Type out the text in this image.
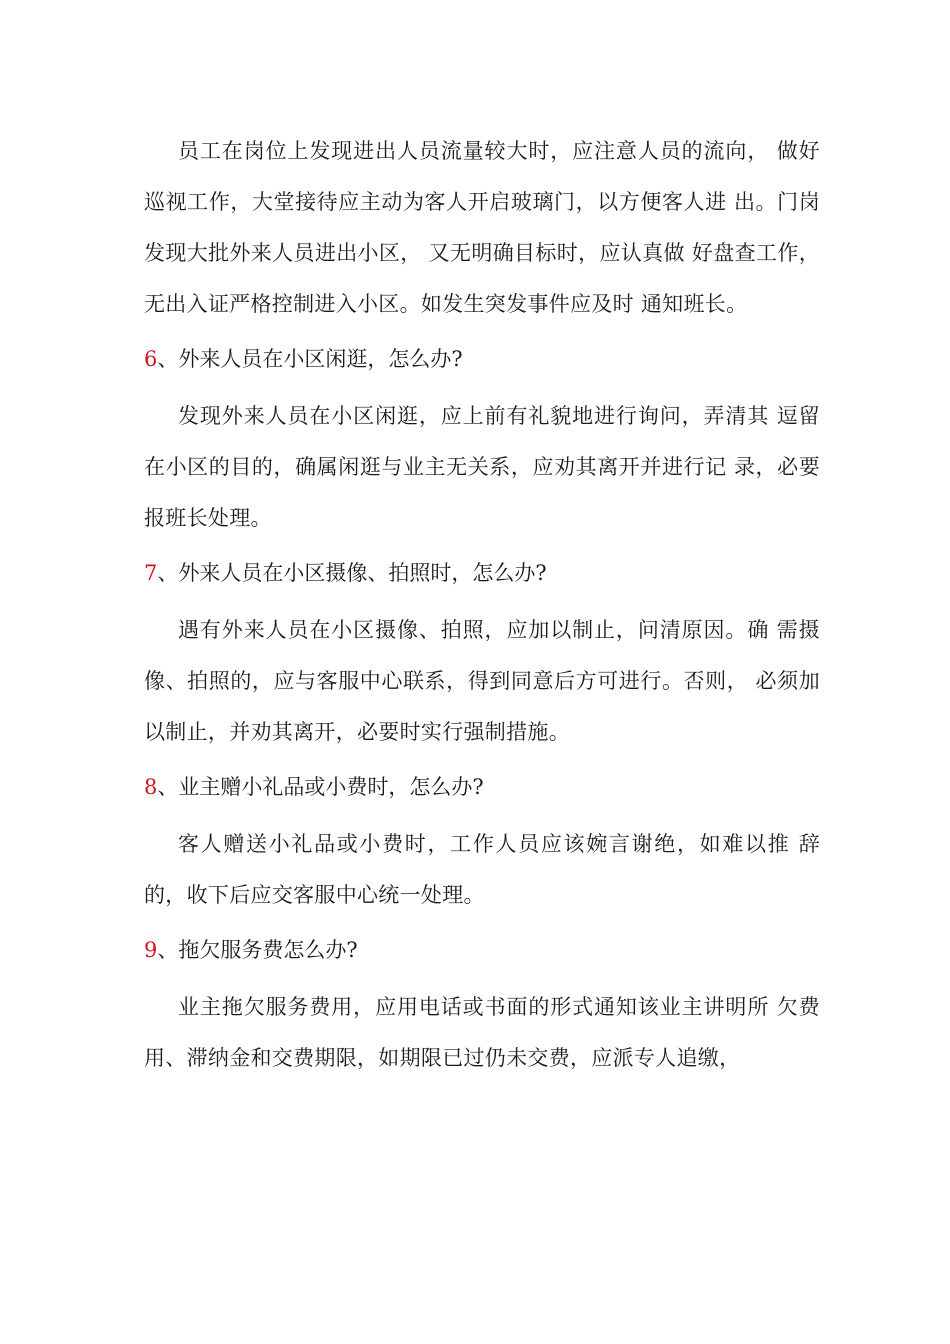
员工在岗位上发现进出人员流量较大时，应注意人员的流向， 做好巡视工作，大堂接待应主动为客人开启玻璃门，以方便客人进 出。门岗发现大批外来人员进出小区， 又无明确目标时，应认真做 好盘查工作，无出入证严格控制进入小区。如发生突发事件应及时 通知班长。

6、外来人员在小区闲逛，怎么办?

发现外来人员在小区闲逛，应上前有礼貌地进行询问，弄清其 逗留在小区的目的，确属闲逛与业主无关系，应劝其离开并进行记 录，必要报班长处理。

7、外来人员在小区摄像、拍照时，怎么办?

遇有外来人员在小区摄像、拍照，应加以制止，问清原因。确 需摄像、拍照的，应与客服中心联系，得到同意后方可进行。否则， 必须加以制止，并劝其离开，必要时实行强制措施。

8、业主赠小礼品或小费时，怎么办?

客人赠送小礼品或小费时，工作人员应该婉言谢绝，如难以推 辞的，收下后应交客服中心统一处理。

9、拖欠服务费怎么办?

业主拖欠服务费用，应用电话或书面的形式通知该业主讲明所 欠费用、滞纳金和交费期限，如期限已过仍未交费，应派专人追缴，
